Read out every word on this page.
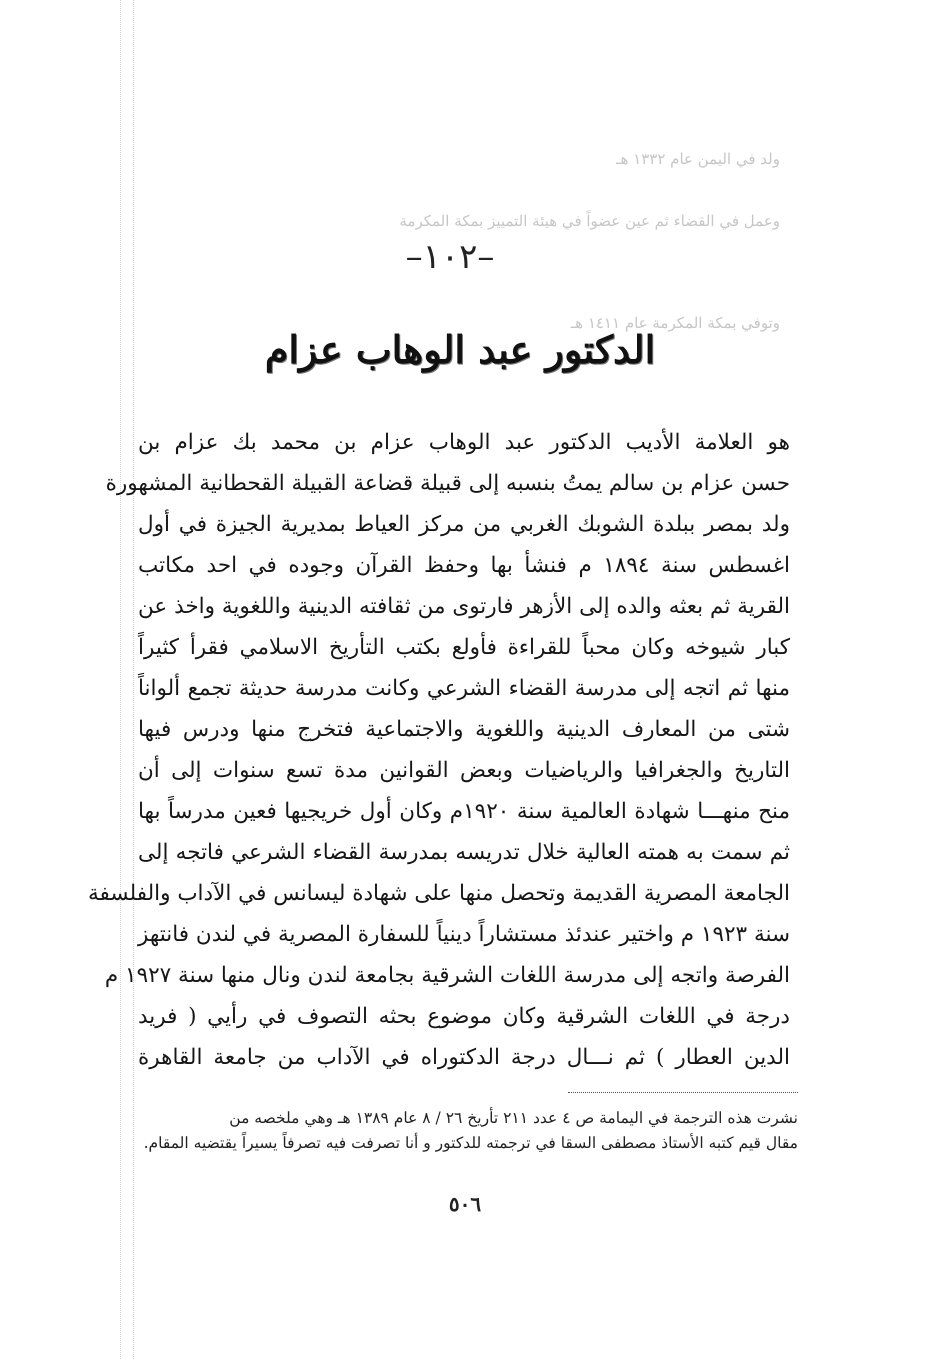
ولد في اليمن عام ١٣٣٢ هـ
وعمل في القضاء ثم عين عضواً في هيئة التمييز بمكة المكرمة
وتوفي بمكة المكرمة عام ١٤١١ هـ
–١٠٢–
الدكتور عبد الوهاب عزام

هو العلامة الأديب الدكتور عبد الوهاب عزام بن محمد بك عزام بن

حسن عزام بن سالم يمتُ بنسبه إلى قبيلة قضاعة القبيلة القحطانية المشهورة

ولد بمصر ببلدة الشوبك الغربي من مركز العياط بمديرية الجيزة في أول

اغسطس سنة ١٨٩٤ م فنشأ بها وحفظ القرآن وجوده في احد مكاتب

القرية ثم بعثه والده إلى الأزهر فارتوى من ثقافته الدينية واللغوية واخذ عن

كبار شيوخه وكان محباً للقراءة فأولع بكتب التأريخ الاسلامي فقرأ كثيراً

منها ثم اتجه إلى مدرسة القضاء الشرعي وكانت مدرسة حديثة تجمع ألواناً

شتى من المعارف الدينية واللغوية والاجتماعية فتخرج منها ودرس فيها

التاريخ والجغرافيا والرياضيات وبعض القوانين مدة تسع سنوات إلى أن

منح منهـــا شهادة العالمية سنة ١٩٢٠م وكان أول خريجيها فعين مدرساً بها

ثم سمت به همته العالية خلال تدريسه بمدرسة القضاء الشرعي فاتجه إلى

الجامعة المصرية القديمة وتحصل منها على شهادة ليسانس في الآداب والفلسفة

سنة ١٩٢٣ م واختير عندئذ مستشاراً دينياً للسفارة المصرية في لندن فانتهز

الفرصة واتجه إلى مدرسة اللغات الشرقية بجامعة لندن ونال منها سنة ١٩٢٧ م

درجة في اللغات الشرقية وكان موضوع بحثه التصوف في رأيي ( فريد

الدين العطار ) ثم نـــال درجة الدكتوراه في الآداب من جامعة القاهرة

نشرت هذه الترجمة في اليمامة ص ٤ عدد ٢١١ تأريخ ٢٦ / ٨ عام ١٣٨٩ هـ وهي ملخصه من

مقال قيم كتبه الأستاذ مصطفى السقا في ترجمته للدكتور و أنا تصرفت فيه تصرفاً يسيراً يقتضيه المقام.

٥٠٦
